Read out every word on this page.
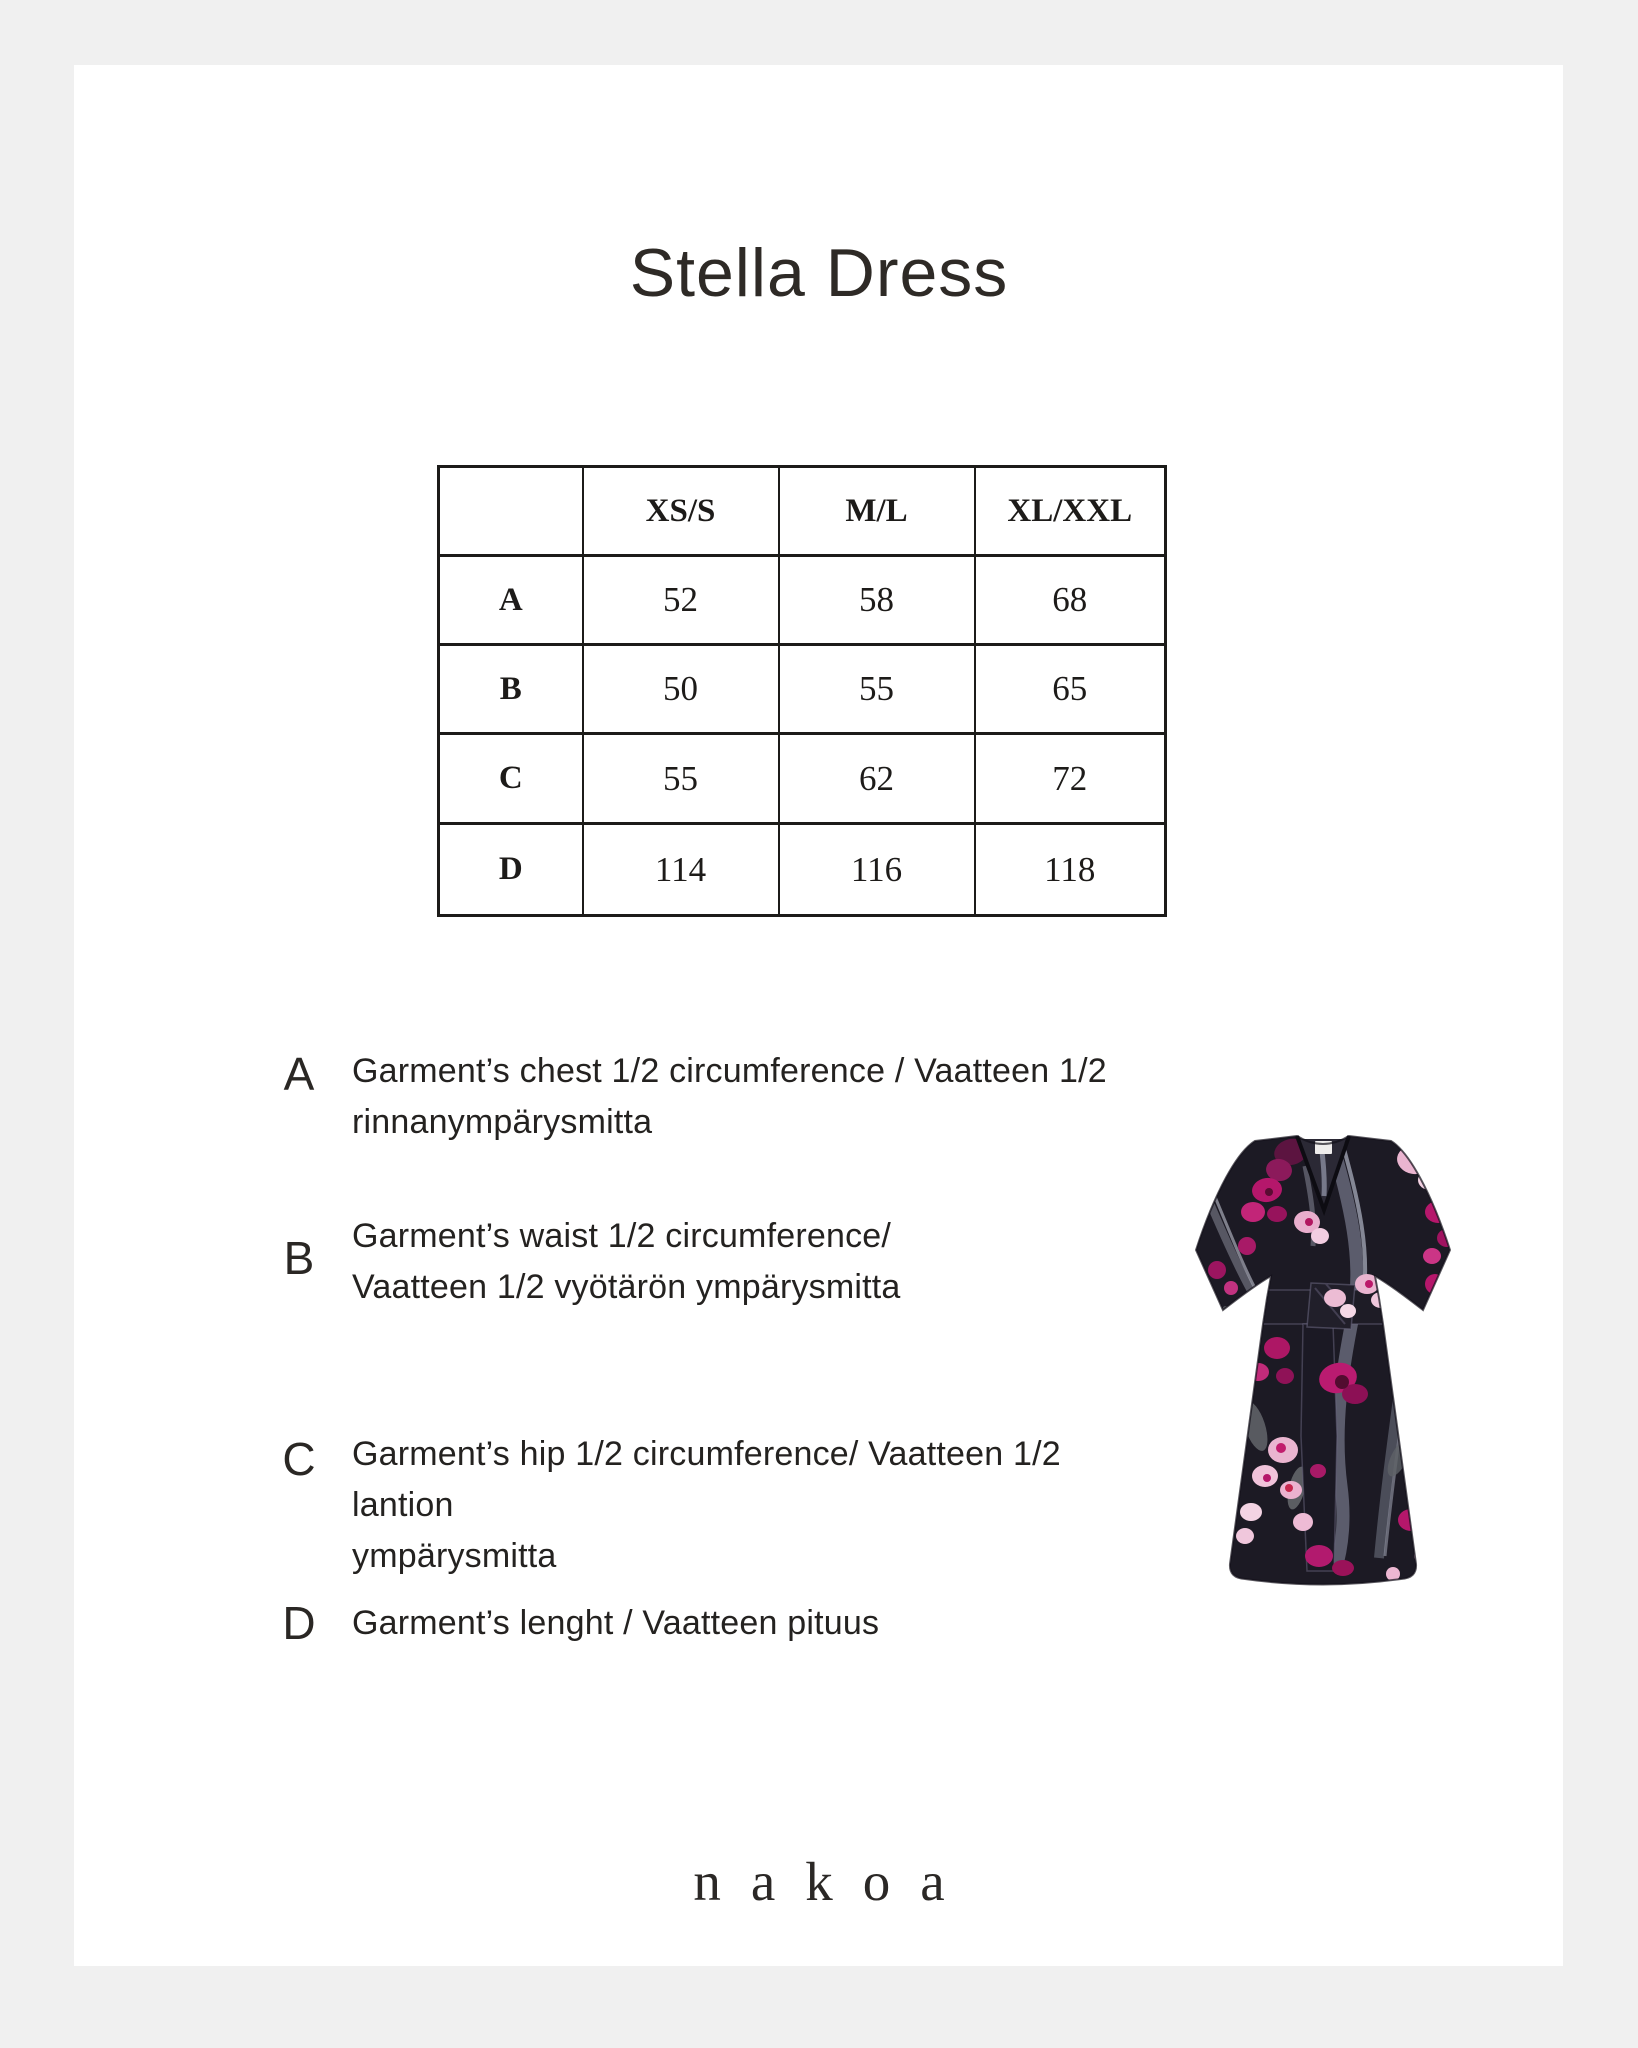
Stella Dress
	XS/S	M/L	XL/XXL
A	52	58	68
B	50	55	65
C	55	62	72
D	114	116	118
A Garment’s chest 1/2 circumference / Vaatteen 1/2
rinnanympärysmitta
B Garment’s waist 1/2 circumference/
Vaatteen 1/2 vyötärön ympärysmitta
C Garment’s hip 1/2 circumference/ Vaatteen 1/2 lantion
ympärysmitta
D Garment’s lenght / Vaatteen pituus
nakoa
